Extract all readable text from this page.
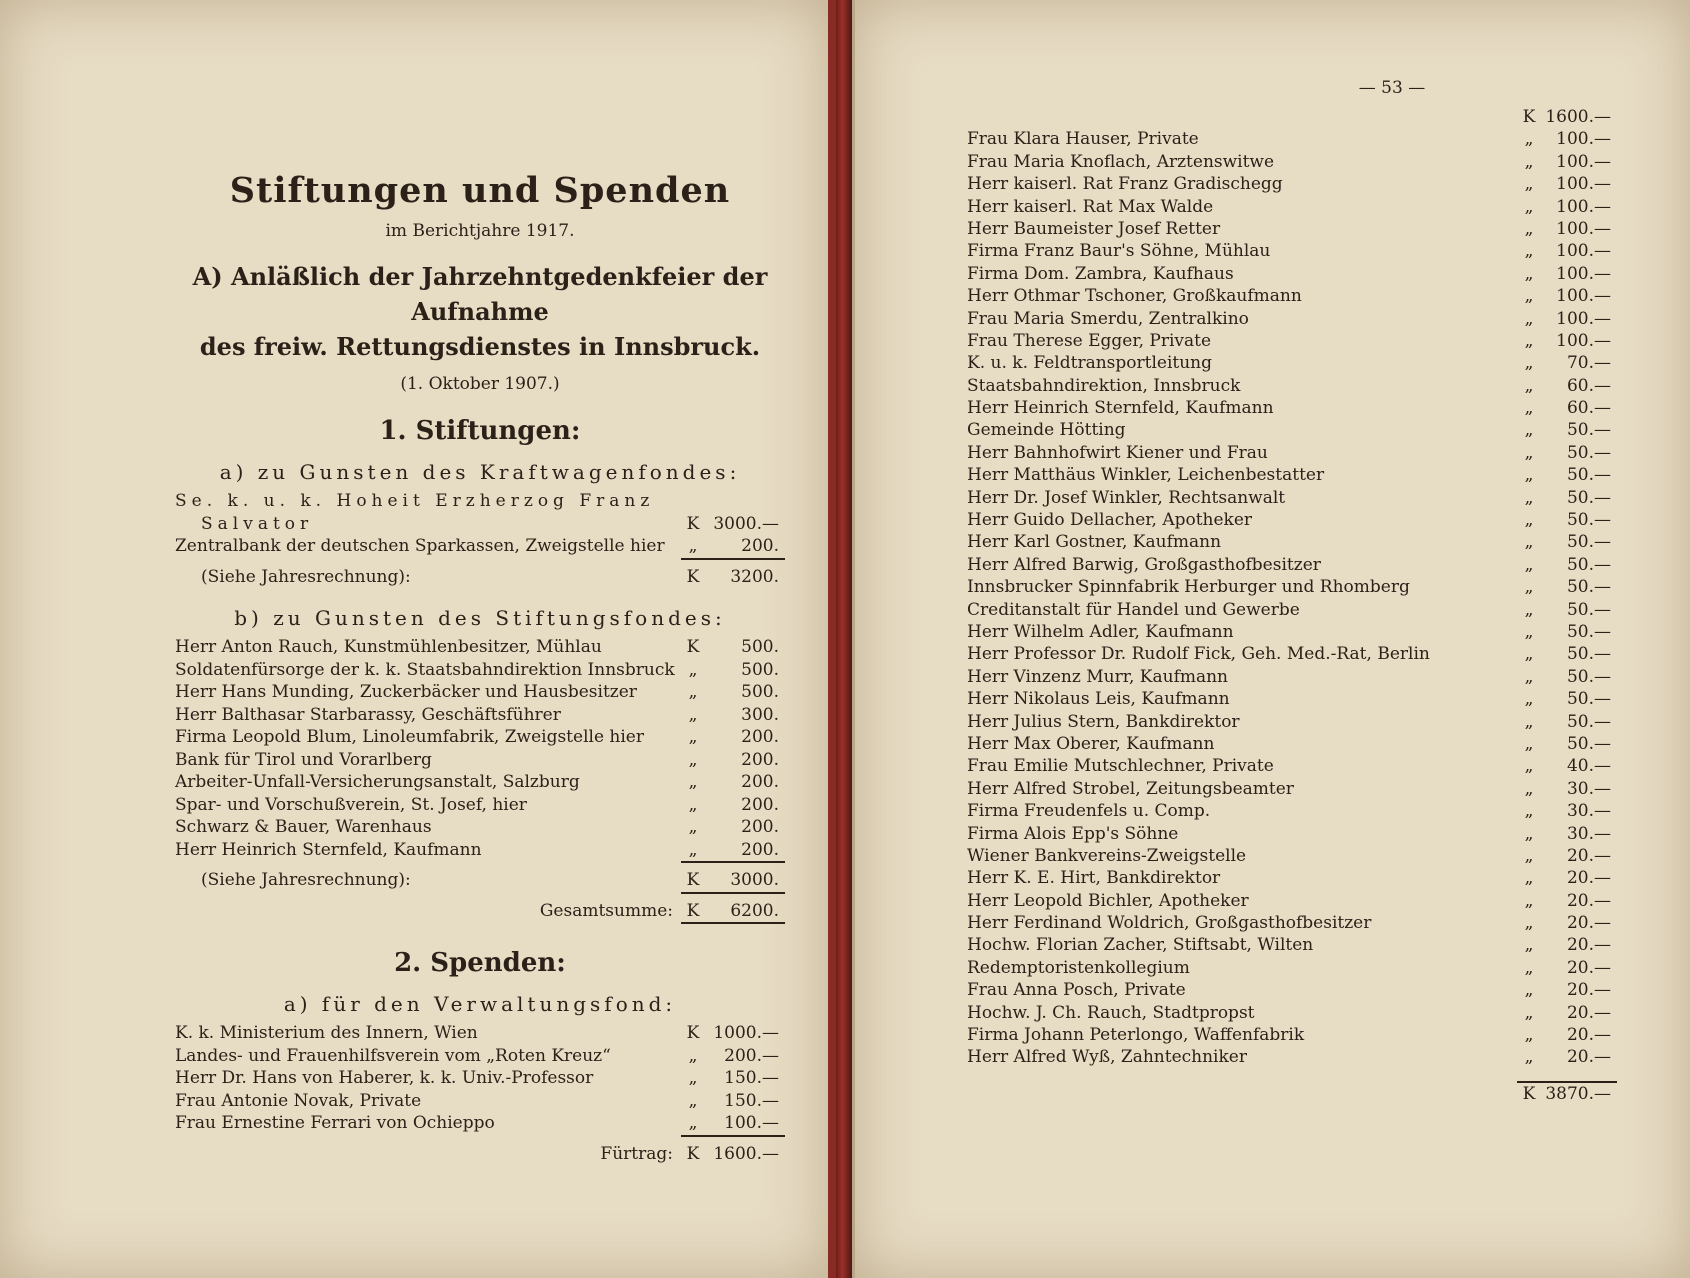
Stiftungen und Spenden
im Berichtjahre 1917.
A) Anläßlich der Jahrzehntgedenkfeier der Aufnahme
des freiw. Rettungsdienstes in Innsbruck.
(1. Oktober 1907.)
1. Stiftungen:
a) zu Gunsten des Kraftwagenfondes:
Se. k. u. k. Hoheit Erzherzog Franz
Salvator	K 3000.—
Zentralbank der deutschen Sparkassen, Zweigstelle hier	„	200.
(Siehe Jahresrechnung):	K	3200.
b) zu Gunsten des Stiftungsfondes:
Herr Anton Rauch, Kunstmühlenbesitzer, Mühlau	K	500.
Soldatenfürsorge der k. k. Staatsbahndirektion Innsbruck „	500.
Herr Hans Munding, Zuckerbäcker und Hausbesitzer	„	500.
Herr Balthasar Starbarassy, Geschäftsführer	„	300.
Firma Leopold Blum, Linoleumfabrik, Zweigstelle hier	„	200.
Bank für Tirol und Vorarlberg	„	200.
Arbeiter-Unfall-Versicherungsanstalt, Salzburg	„	200.
Spar- und Vorschußverein, St. Josef, hier	„	200.
Schwarz & Bauer, Warenhaus	„	200.
Herr Heinrich Sternfeld, Kaufmann	„	200.
(Siehe Jahresrechnung):	K	3000.
Gesamtsumme: K	6200.
2. Spenden:
a) für den Verwaltungsfond:
K. k. Ministerium des Innern, Wien	K 1000.—
Landes- und Frauenhilfsverein vom „Roten Kreuz“	„	200.—
Herr Dr. Hans von Haberer, k. k. Univ.-Professor	„	150.—
Frau Antonie Novak, Private	„	150.—
Frau Ernestine Ferrari von Ochieppo	„	100.—
Fürtrag: K 1600.—
— 53 —
K 1600.—
Frau Klara Hauser, Private	„	100.—
Frau Maria Knoflach, Arztenswitwe	„	100.—
Herr kaiserl. Rat Franz Gradischegg	„	100.—
Herr kaiserl. Rat Max Walde	„	100.—
Herr Baumeister Josef Retter	„	100.—
Firma Franz Baur's Söhne, Mühlau	„	100.—
Firma Dom. Zambra, Kaufhaus	„	100.—
Herr Othmar Tschoner, Großkaufmann	„	100.—
Frau Maria Smerdu, Zentralkino	„	100.—
Frau Therese Egger, Private	„	100.—
K. u. k. Feldtransportleitung	„	70.—
Staatsbahndirektion, Innsbruck	„	60.—
Herr Heinrich Sternfeld, Kaufmann	„	60.—
Gemeinde Hötting	„	50.—
Herr Bahnhofwirt Kiener und Frau	„	50.—
Herr Matthäus Winkler, Leichenbestatter	„	50.—
Herr Dr. Josef Winkler, Rechtsanwalt	„	50.—
Herr Guido Dellacher, Apotheker	„	50.—
Herr Karl Gostner, Kaufmann	„	50.—
Herr Alfred Barwig, Großgasthofbesitzer	„	50.—
Innsbrucker Spinnfabrik Herburger und Rhomberg	„	50.—
Creditanstalt für Handel und Gewerbe	„	50.—
Herr Wilhelm Adler, Kaufmann	„	50.—
Herr Professor Dr. Rudolf Fick, Geh. Med.-Rat, Berlin	„	50.—
Herr Vinzenz Murr, Kaufmann	„	50.—
Herr Nikolaus Leis, Kaufmann	„	50.—
Herr Julius Stern, Bankdirektor	„	50.—
Herr Max Oberer, Kaufmann	„	50.—
Frau Emilie Mutschlechner, Private	„	40.—
Herr Alfred Strobel, Zeitungsbeamter	„	30.—
Firma Freudenfels u. Comp.	„	30.—
Firma Alois Epp's Söhne	„	30.—
Wiener Bankvereins-Zweigstelle	„	20.—
Herr K. E. Hirt, Bankdirektor	„	20.—
Herr Leopold Bichler, Apotheker	„	20.—
Herr Ferdinand Woldrich, Großgasthofbesitzer	„	20.—
Hochw. Florian Zacher, Stiftsabt, Wilten	„	20.—
Redemptoristenkollegium	„	20.—
Frau Anna Posch, Private	„	20.—
Hochw. J. Ch. Rauch, Stadtpropst	„	20.—
Firma Johann Peterlongo, Waffenfabrik	„	20.—
Herr Alfred Wyß, Zahntechniker	„	20.—
K 3870.—
